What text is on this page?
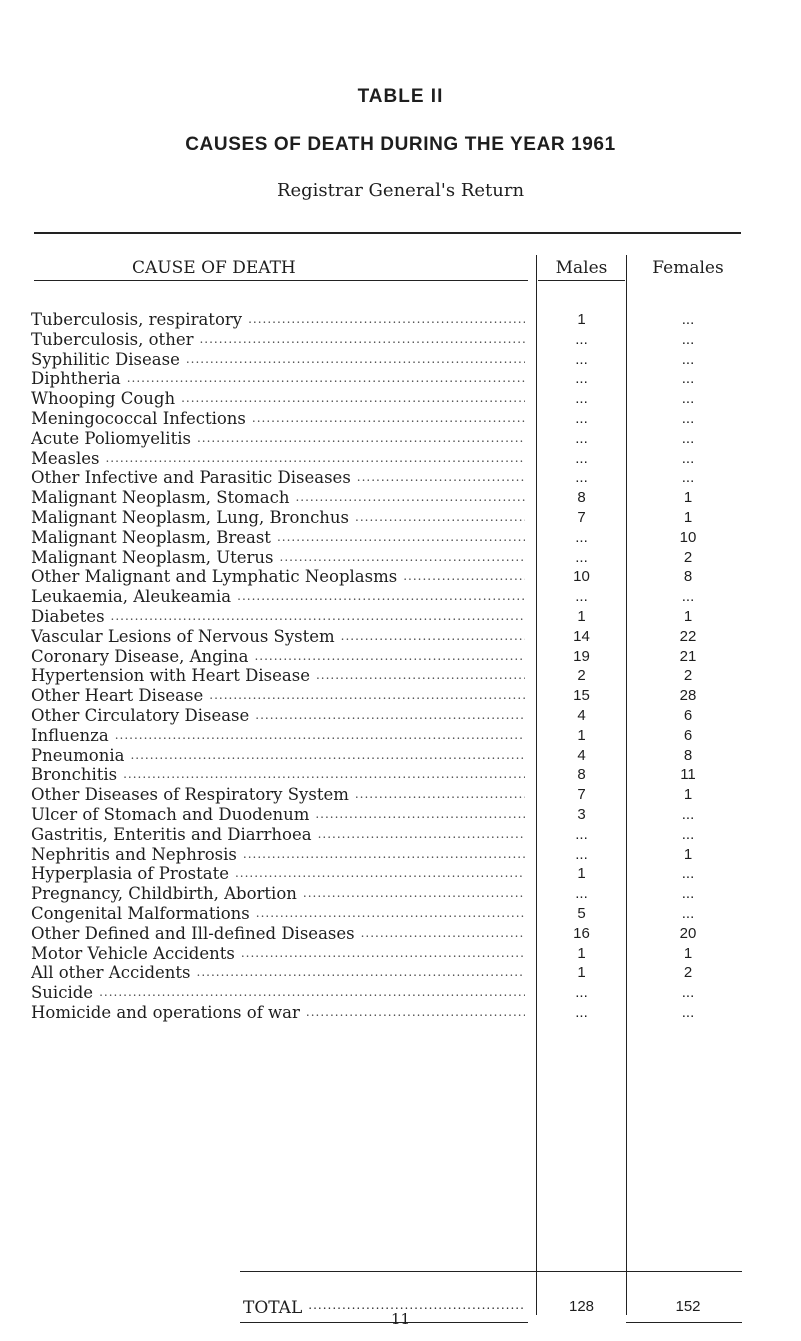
TABLE II
CAUSES OF DEATH DURING THE YEAR 1961
Registrar General's Return
CAUSE OF DEATH	Males	Females
Tuberculosis, respiratory .....	1	...
Tuberculosis, other .....	...	...
Syphilitic Disease .....	...	...
Diphtheria .....	...	...
Whooping Cough .....	...	...
Meningococcal Infections .....	...	...
Acute Poliomyelitis .....	...	...
Measles .....	...	...
Other Infective and Parasitic Diseases .....	...	...
Malignant Neoplasm, Stomach .....	8	1
Malignant Neoplasm, Lung, Bronchus .....	7	1
Malignant Neoplasm, Breast .....	...	10
Malignant Neoplasm, Uterus .....	...	2
Other Malignant and Lymphatic Neoplasms .....	10	8
Leukaemia, Aleukeamia .....	...	...
Diabetes .....	1	1
Vascular Lesions of Nervous System .....	14	22
Coronary Disease, Angina .....	19	21
Hypertension with Heart Disease .....	2	2
Other Heart Disease .....	15	28
Other Circulatory Disease .....	4	6
Influenza .....	1	6
Pneumonia .....	4	8
Bronchitis .....	8	11
Other Diseases of Respiratory System .....	7	1
Ulcer of Stomach and Duodenum .....	3	...
Gastritis, Enteritis and Diarrhoea .....	...	...
Nephritis and Nephrosis .....	...	1
Hyperplasia of Prostate .....	1	...
Pregnancy, Childbirth, Abortion .....	...	...
Congenital Malformations .....	5	...
Other Defined and Ill-defined Diseases .....	16	20
Motor Vehicle Accidents .....	1	1
All other Accidents .....	1	2
Suicide .....	...	...
Homicide and operations of war .....	...	...
TOTAL .....	128	152
11
